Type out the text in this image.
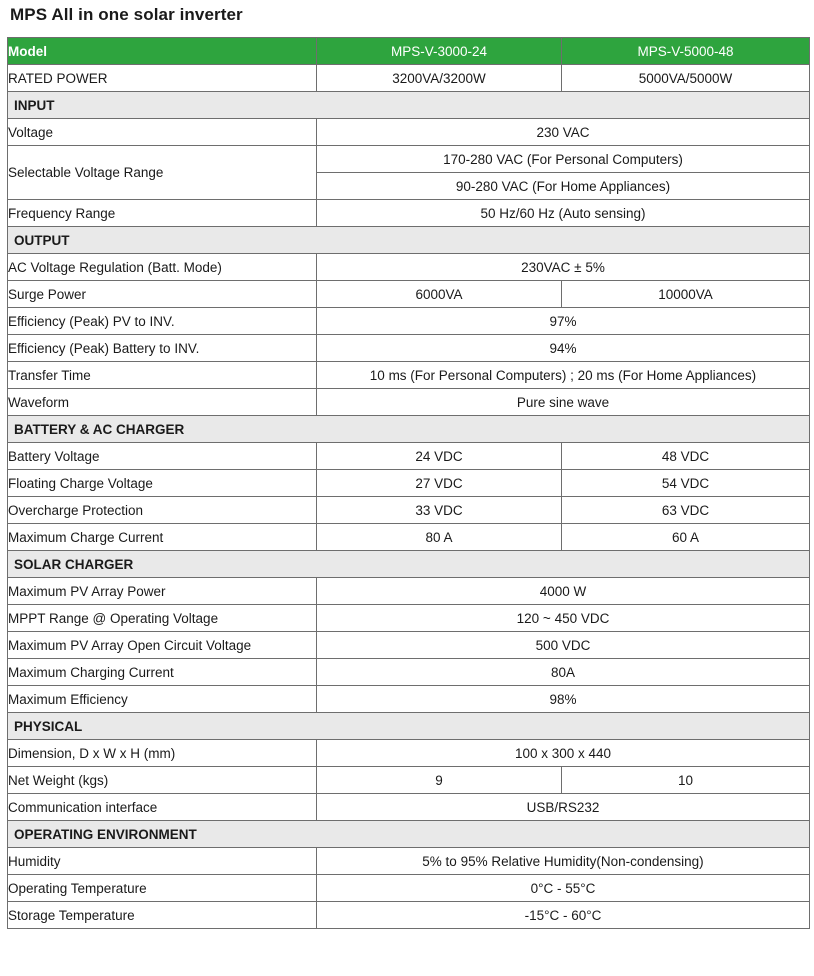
MPS All in one solar inverter
Model	MPS-V-3000-24	MPS-V-5000-48
RATED POWER	3200VA/3200W	5000VA/5000W
INPUT		
Voltage	230 VAC	
Selectable Voltage Range	170-280 VAC (For Personal Computers)	
	90-280 VAC (For Home Appliances)	
Frequency Range	50 Hz/60 Hz (Auto sensing)	
OUTPUT		
AC Voltage Regulation (Batt. Mode)	230VAC ± 5%	
Surge Power	6000VA	10000VA
Efficiency (Peak) PV to INV.	97%	
Efficiency (Peak) Battery to INV.	94%	
Transfer Time	10 ms (For Personal Computers) ; 20 ms (For Home Appliances)	
Waveform	Pure sine wave	
BATTERY & AC CHARGER		
Battery Voltage	24 VDC	48 VDC
Floating Charge Voltage	27 VDC	54 VDC
Overcharge Protection	33 VDC	63 VDC
Maximum Charge Current	80 A	60 A
SOLAR CHARGER		
Maximum PV Array Power	4000 W	
MPPT Range @ Operating Voltage	120 ~ 450 VDC	
Maximum PV Array Open Circuit Voltage	500 VDC	
Maximum Charging Current	80A	
Maximum Efficiency	98%	
PHYSICAL		
Dimension, D x W x H (mm)	100 x 300 x 440	
Net Weight (kgs)	9	10
Communication interface	USB/RS232	
OPERATING ENVIRONMENT		
Humidity	5% to 95% Relative Humidity(Non-condensing)	
Operating Temperature	0°C - 55°C	
Storage Temperature	-15°C - 60°C	
